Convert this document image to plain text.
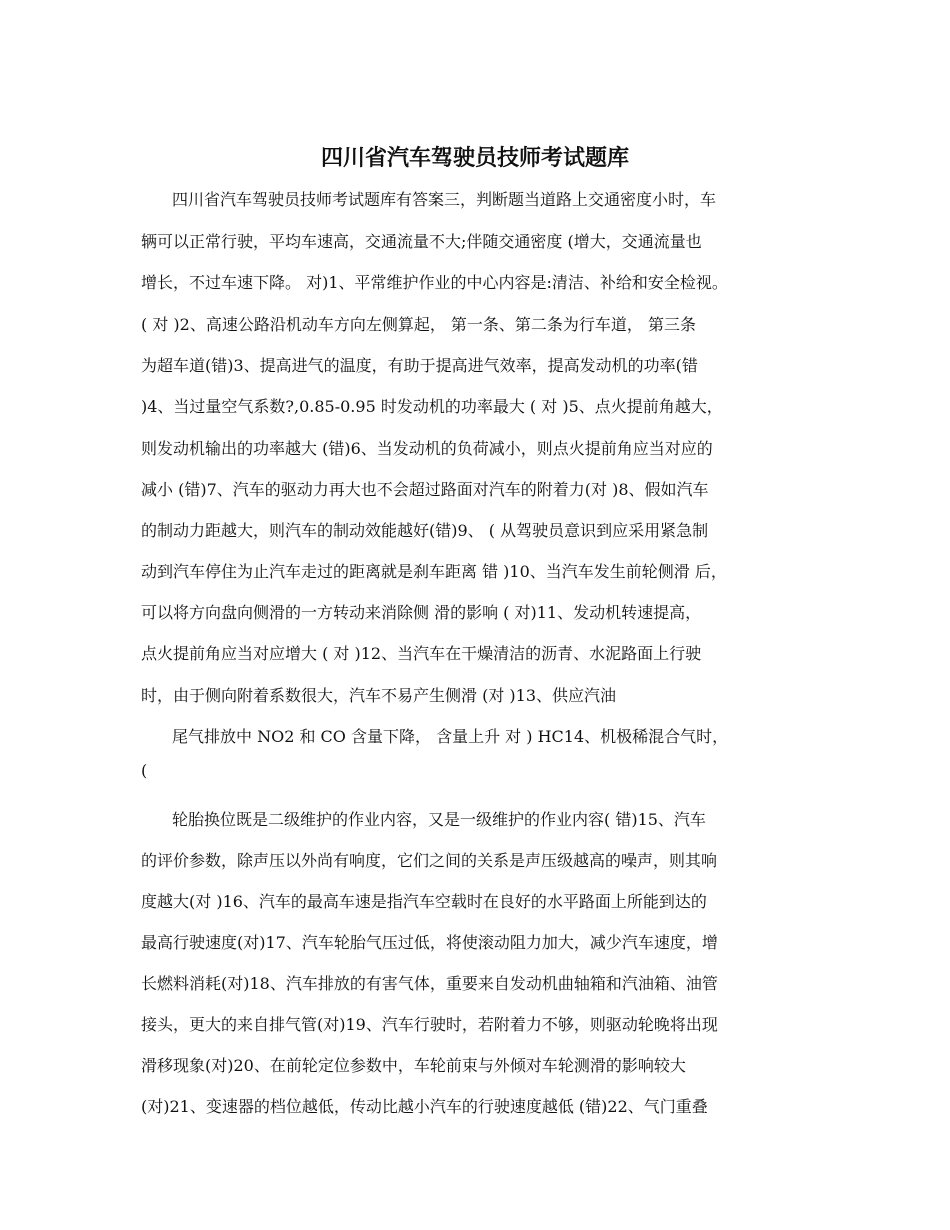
四川省汽车驾驶员技师考试题库
四川省汽车驾驶员技师考试题库有答案三，判断题当道路上交通密度小时，车
辆可以正常行驶，平均车速高，交通流量不大;伴随交通密度 (增大，交通流量也
增长，不过车速下降。 对)1、平常维护作业的中心内容是:清洁、补给和安全检视。
( 对 )2、高速公路沿机动车方向左侧算起， 第一条、第二条为行车道， 第三条
为超车道(错)3、提高进气的温度，有助于提高进气效率，提高发动机的功率(错
)4、当过量空气系数?,0.85-0.95 时发动机的功率最大 ( 对 )5、点火提前角越大，
则发动机输出的功率越大 (错)6、当发动机的负荷减小，则点火提前角应当对应的
减小 (错)7、汽车的驱动力再大也不会超过路面对汽车的附着力(对 )8、假如汽车
的制动力距越大，则汽车的制动效能越好(错)9、 ( 从驾驶员意识到应采用紧急制
动到汽车停住为止汽车走过的距离就是刹车距离 错 )10、当汽车发生前轮侧滑 后，
可以将方向盘向侧滑的一方转动来消除侧 滑的影响 ( 对)11、发动机转速提高，
点火提前角应当对应增大 ( 对 )12、当汽车在干燥清洁的沥青、水泥路面上行驶
时，由于侧向附着系数很大，汽车不易产生侧滑 (对 )13、供应汽油
尾气排放中 NO2 和 CO 含量下降， 含量上升 对 ) HC14、机极稀混合气时，
(
轮胎换位既是二级维护的作业内容，又是一级维护的作业内容( 错)15、汽车
的评价参数，除声压以外尚有响度，它们之间的关系是声压级越高的噪声，则其响
度越大(对 )16、汽车的最高车速是指汽车空载时在良好的水平路面上所能到达的
最高行驶速度(对)17、汽车轮胎气压过低，将使滚动阻力加大，减少汽车速度，增
长燃料消耗(对)18、汽车排放的有害气体，重要来自发动机曲轴箱和汽油箱、油管
接头，更大的来自排气管(对)19、汽车行驶时，若附着力不够，则驱动轮晚将出现
滑移现象(对)20、在前轮定位参数中，车轮前束与外倾对车轮测滑的影响较大
(对)21、变速器的档位越低，传动比越小汽车的行驶速度越低 (错)22、气门重叠
